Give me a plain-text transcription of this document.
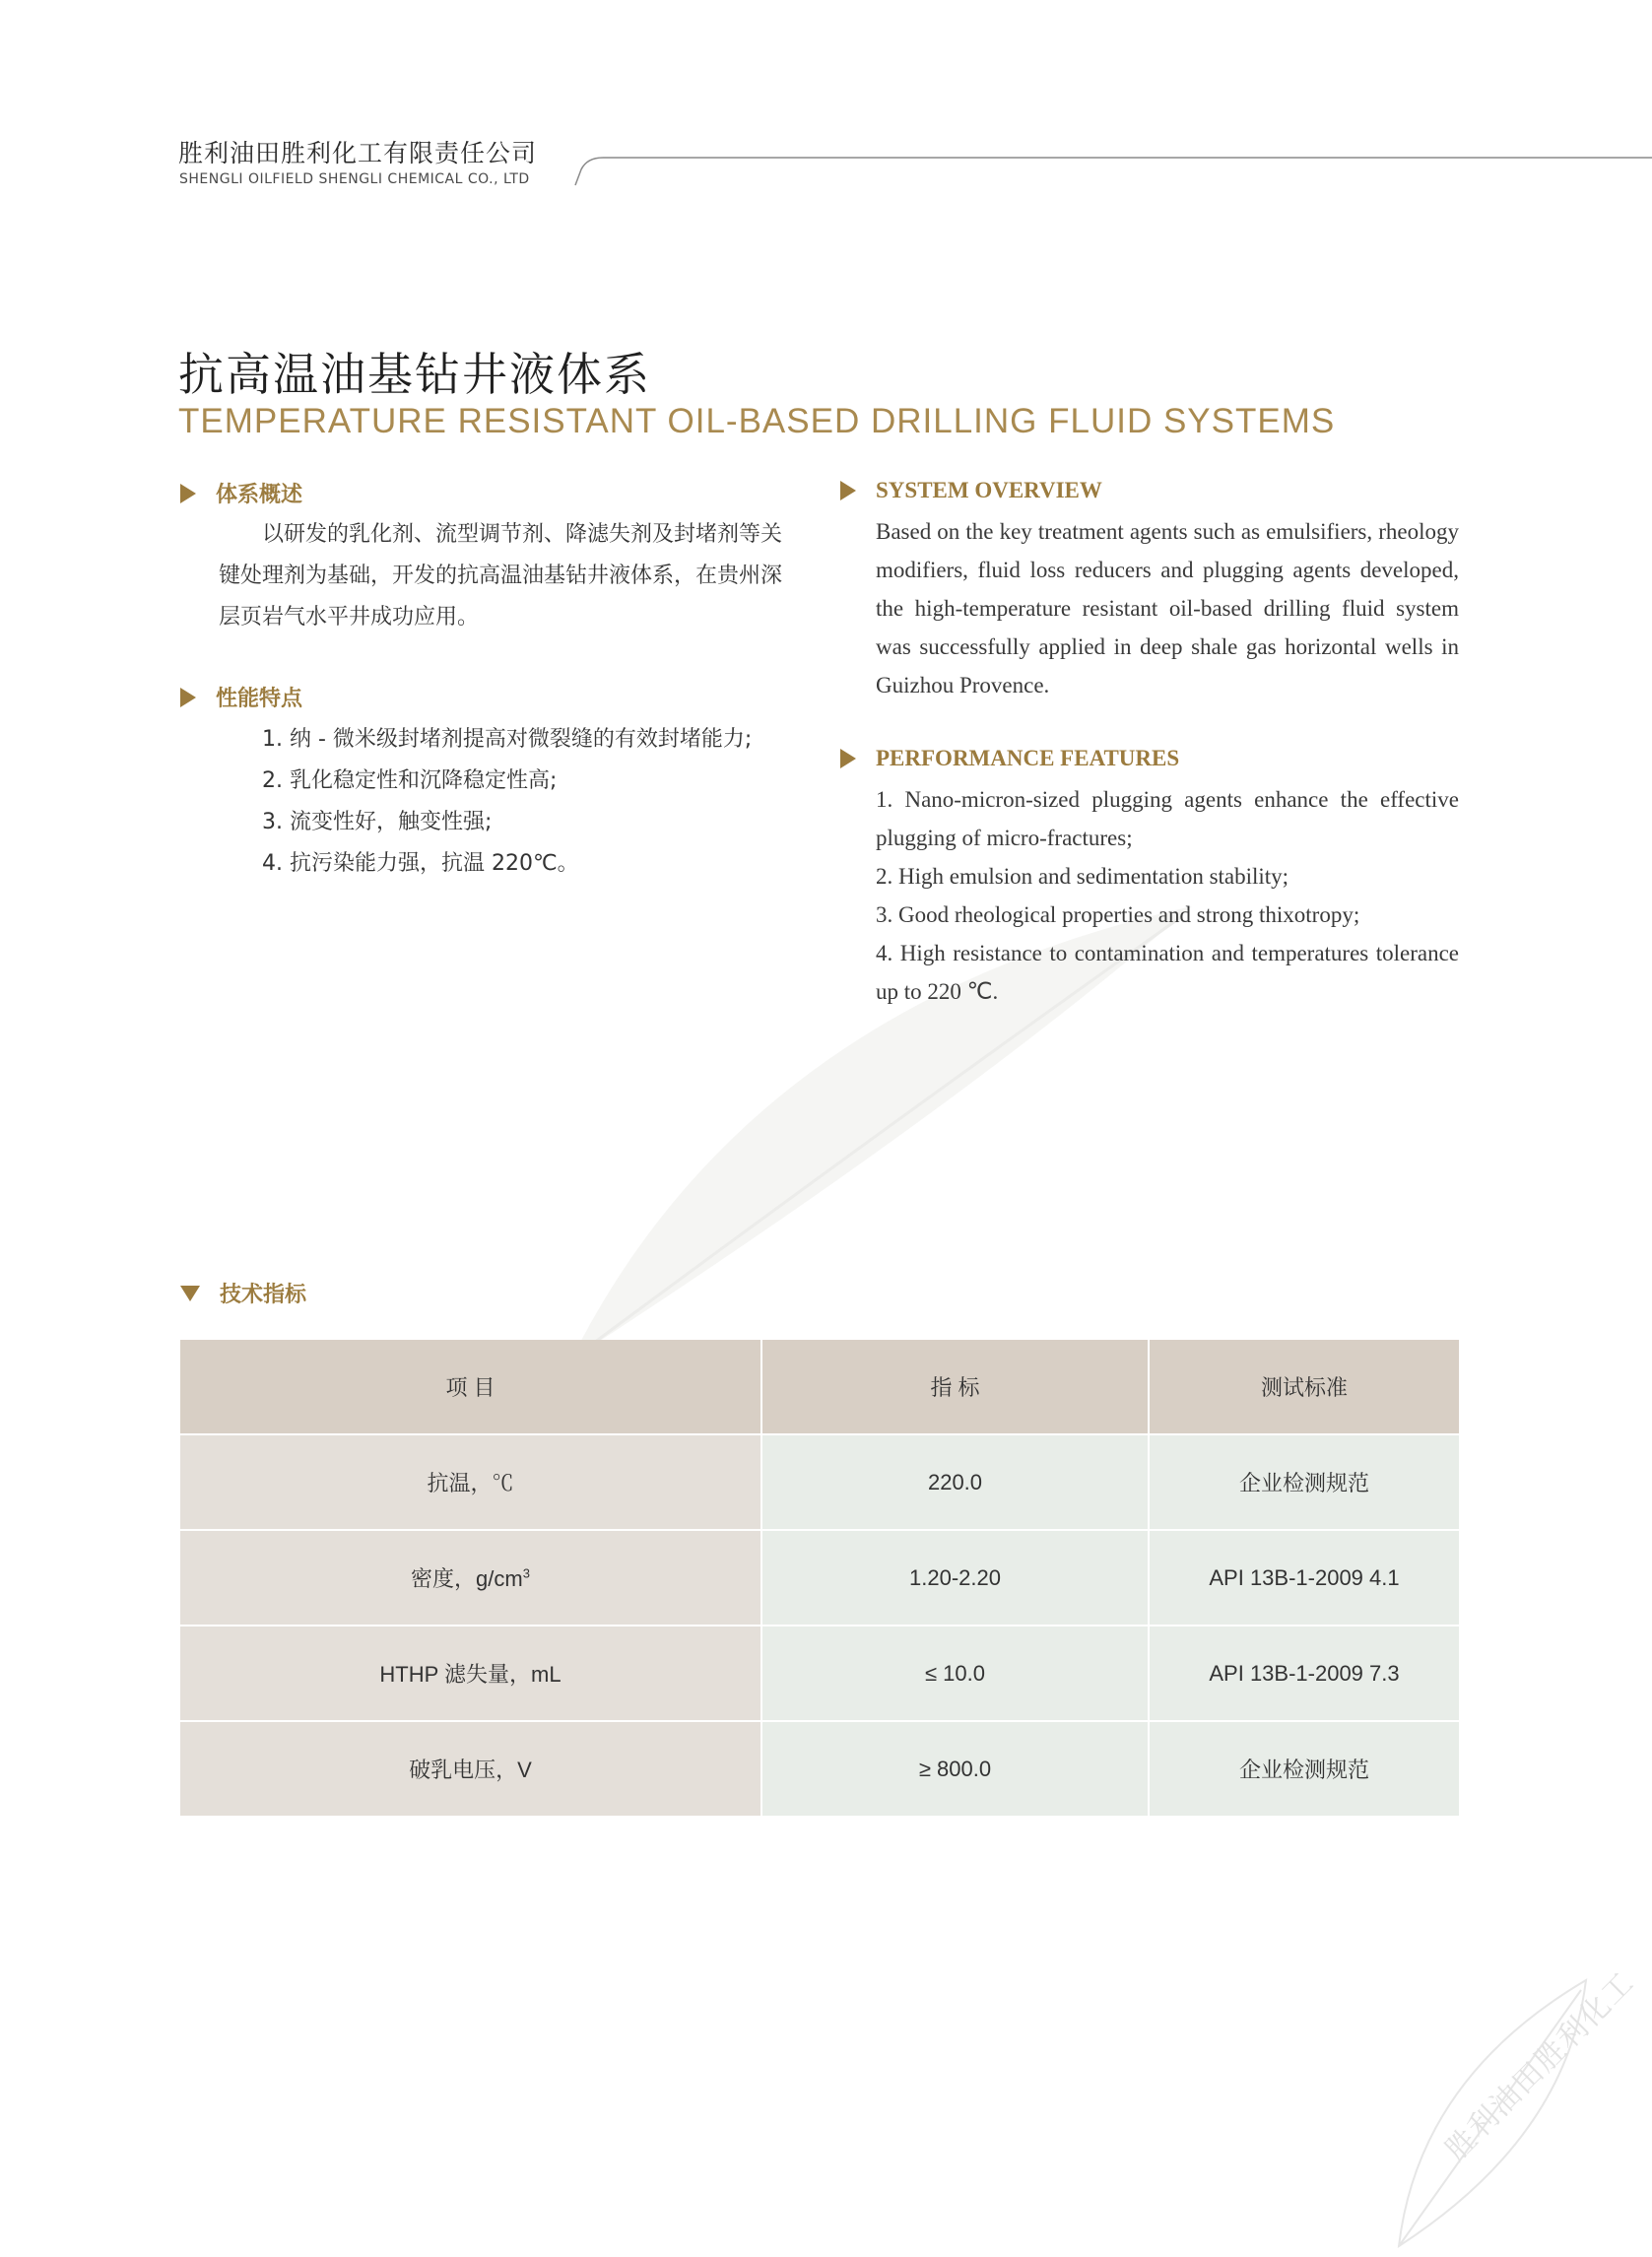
胜利油田胜利化工有限责任公司
SHENGLI OILFIELD SHENGLI CHEMICAL CO., LTD
抗高温油基钻井液体系
TEMPERATURE RESISTANT OIL-BASED DRILLING FLUID SYSTEMS
体系概述
以研发的乳化剂、流型调节剂、降滤失剂及封堵剂等关键处理剂为基础，开发的抗高温油基钻井液体系，在贵州深层页岩气水平井成功应用。
性能特点
1. 纳 - 微米级封堵剂提高对微裂缝的有效封堵能力;
2. 乳化稳定性和沉降稳定性高;
3. 流变性好，触变性强;
4. 抗污染能力强，抗温 220℃。
SYSTEM OVERVIEW
Based on the key treatment agents such as emulsifiers, rheology modifiers, fluid loss reducers and plugging agents developed, the high-temperature resistant oil-based drilling fluid system was successfully applied in deep shale gas horizontal wells in Guizhou Provence.
PERFORMANCE FEATURES
1. Nano-micron-sized plugging agents enhance the effective plugging of micro-fractures;
2. High emulsion and sedimentation stability;
3. Good rheological properties and strong thixotropy;
4. High resistance to contamination and temperatures tolerance up to 220 ℃.
技术指标
项 目	指 标	测试标准
抗温，℃	220.0	企业检测规范
密度，$g/cm^3$	1.20-2.20	API 13B-1-2009 4.1
HTHP 滤失量，mL	≤ 10.0	API 13B-1-2009 7.3
破乳电压，V	≥ 800.0	企业检测规范
胜利油田胜利化工
